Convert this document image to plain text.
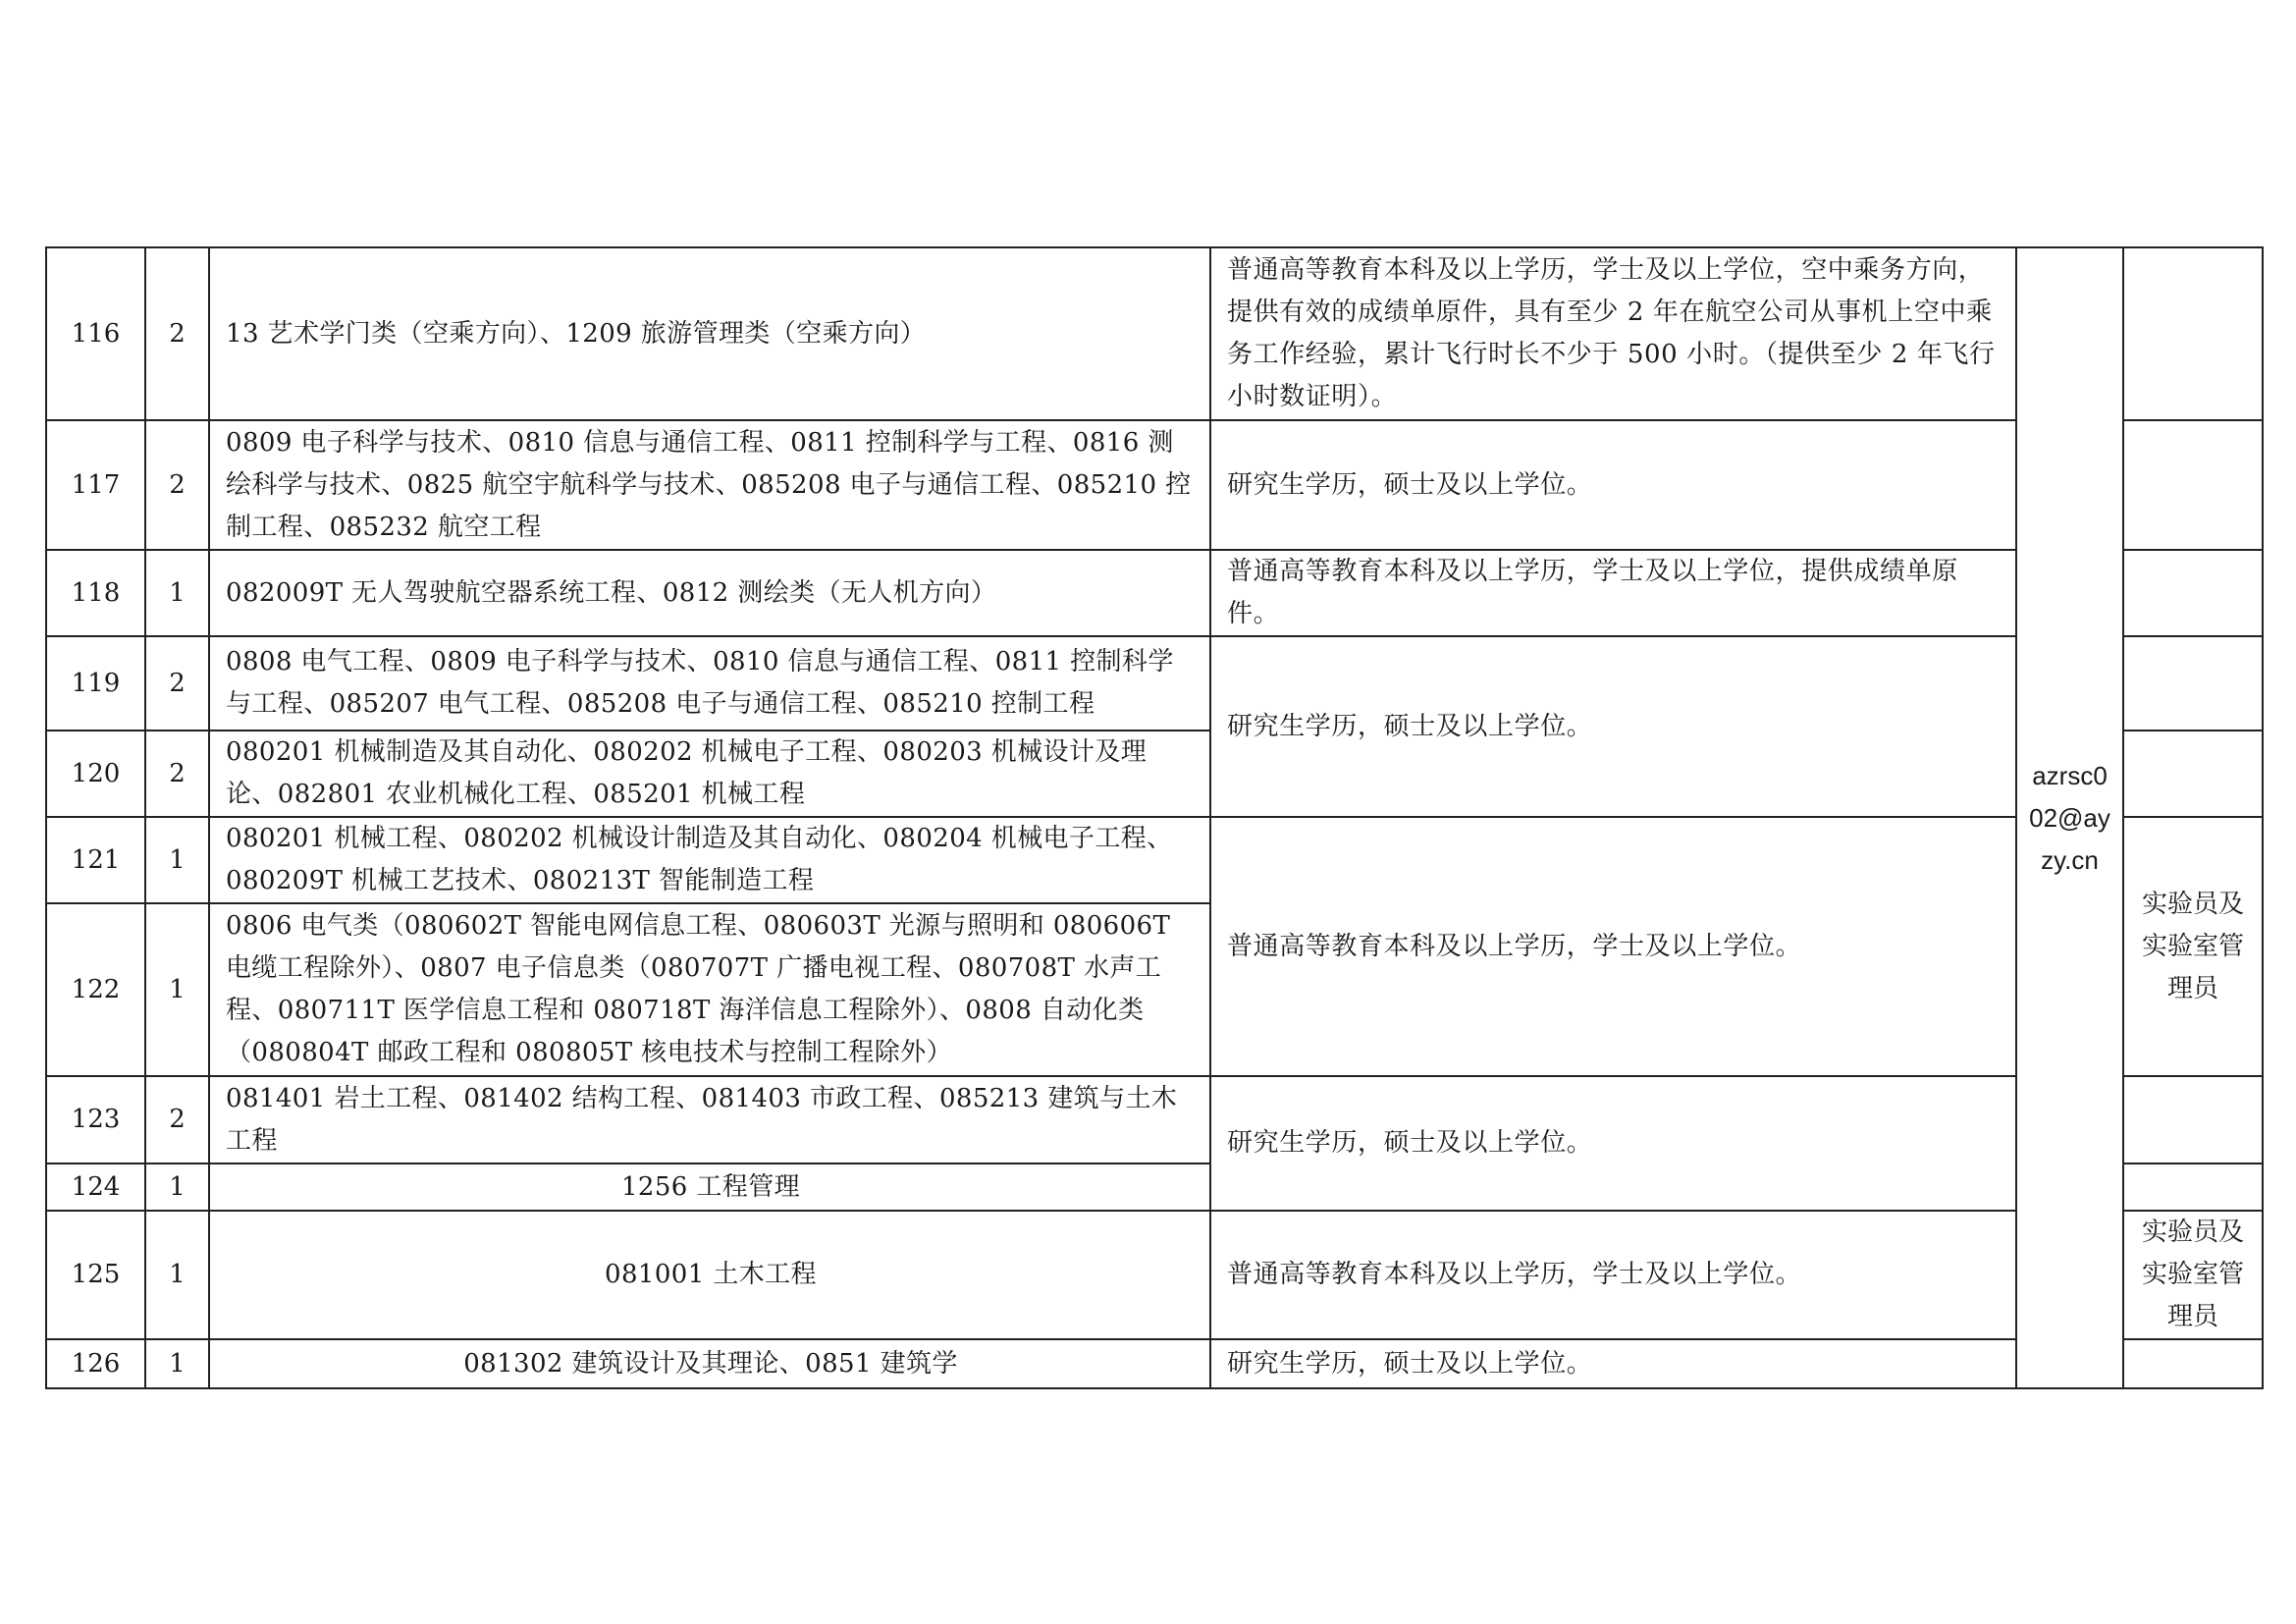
116	2	13 艺术学门类（空乘方向）、1209 旅游管理类（空乘方向）	普通高等教育本科及以上学历，学士及以上学位，空中乘务方向，提供有效的成绩单原件，具有至少 2 年在航空公司从事机上空中乘务工作经验，累计飞行时长不少于 500 小时。（提供至少 2 年飞行小时数证明）。	azrsc002@ayzy.cn	
117	2	0809 电子科学与技术、0810 信息与通信工程、0811 控制科学与工程、0816 测绘科学与技术、0825 航空宇航科学与技术、085208 电子与通信工程、085210 控制工程、085232 航空工程	研究生学历，硕士及以上学位。		
118	1	082009T 无人驾驶航空器系统工程、0812 测绘类（无人机方向）	普通高等教育本科及以上学历，学士及以上学位，提供成绩单原件。		
119	2	0808 电气工程、0809 电子科学与技术、0810 信息与通信工程、0811 控制科学与工程、085207 电气工程、085208 电子与通信工程、085210 控制工程	研究生学历，硕士及以上学位。		
120	2	080201 机械制造及其自动化、080202 机械电子工程、080203 机械设计及理论、082801 农业机械化工程、085201 机械工程			
121	1	080201 机械工程、080202 机械设计制造及其自动化、080204 机械电子工程、080209T 机械工艺技术、080213T 智能制造工程	普通高等教育本科及以上学历，学士及以上学位。		实验员及实验室管理员

122	1	0806 电气类（080602T 智能电网信息工程、080603T 光源与照明和 080606T 电缆工程除外）、0807 电子信息类（080707T 广播电视工程、080708T 水声工程、080711T 医学信息工程和 080718T 海洋信息工程除外）、0808 自动化类（080804T 邮政工程和 080805T 核电技术与控制工程除外）			
123	2	081401 岩土工程、081402 结构工程、081403 市政工程、085213 建筑与土木工程	研究生学历，硕士及以上学位。		
124	1	1256 工程管理			
125	1	081001 土木工程	普通高等教育本科及以上学历，学士及以上学位。		实验员及实验室管理员

126	1	081302 建筑设计及其理论、0851 建筑学	研究生学历，硕士及以上学位。		
